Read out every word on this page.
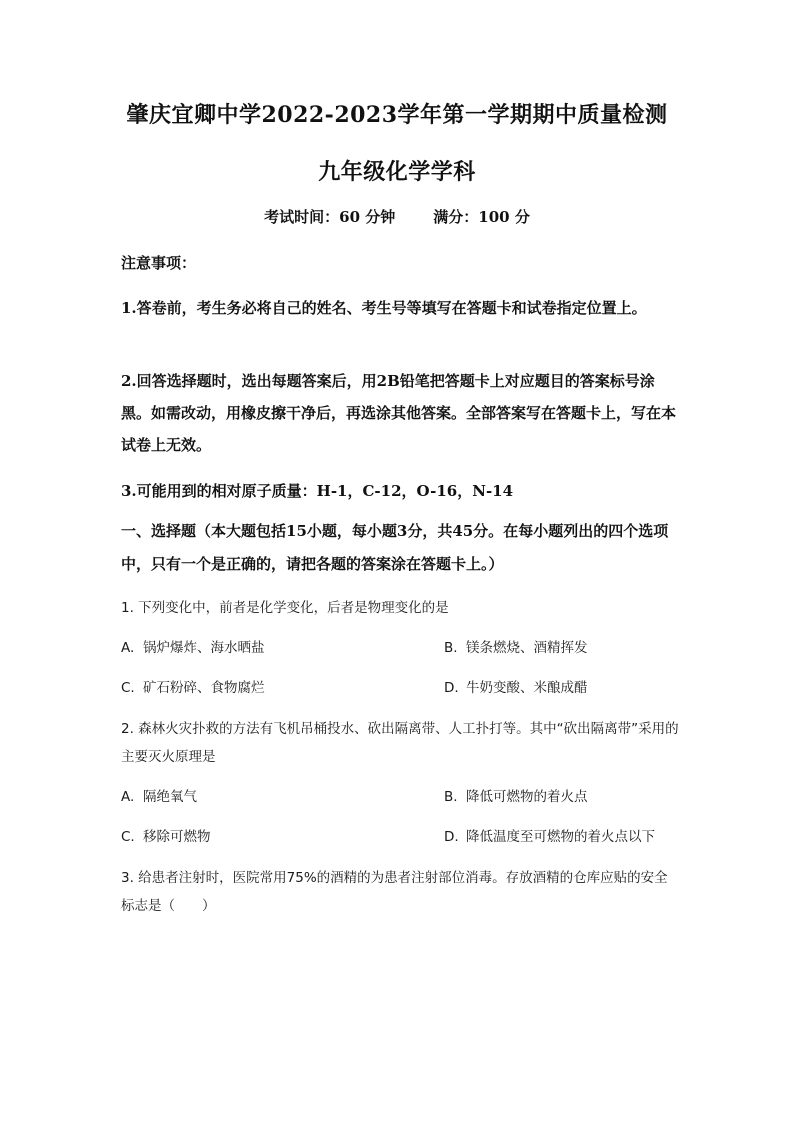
肇庆宜卿中学2022-2023学年第一学期期中质量检测
九年级化学学科
考试时间：60 分钟	满分：100 分
注意事项：
1.答卷前，考生务必将自己的姓名、考生号等填写在答题卡和试卷指定位置上。
2.回答选择题时，选出每题答案后，用2B铅笔把答题卡上对应题目的答案标号涂黑。如需改动，用橡皮擦干净后，再选涂其他答案。全部答案写在答题卡上，写在本试卷上无效。
3.可能用到的相对原子质量：H-1，C-12，O-16，N-14
一、选择题（本大题包括15小题，每小题3分，共45分。在每小题列出的四个选项中，只有一个是正确的，请把各题的答案涂在答题卡上。）
1. 下列变化中，前者是化学变化，后者是物理变化的是
A. 锅炉爆炸、海水晒盐	B. 镁条燃烧、酒精挥发
C. 矿石粉碎、食物腐烂	D. 牛奶变酸、米酿成醋
2. 森林火灾扑救的方法有飞机吊桶投水、砍出隔离带、人工扑打等。其中“砍出隔离带”采用的主要灭火原理是
A. 隔绝氧气	B. 降低可燃物的着火点
C. 移除可燃物	D. 降低温度至可燃物的着火点以下
3. 给患者注射时，医院常用75%的酒精的为患者注射部位消毒。存放酒精的仓库应贴的安全标志是（　　）
